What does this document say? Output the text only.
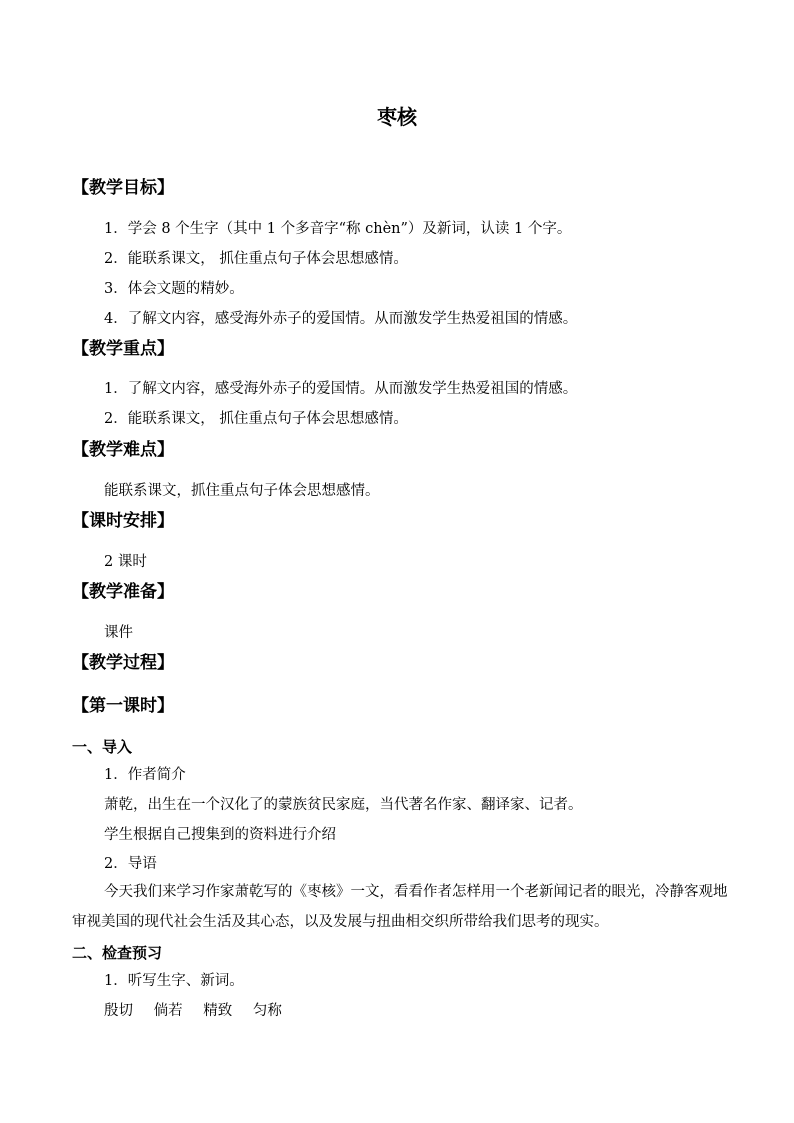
枣核
【教学目标】
1．学会 8 个生字（其中 1 个多音字“称 chèn”）及新词，认读 1 个字。
2．能联系课文， 抓住重点句子体会思想感情。
3．体会文题的精妙。
4．了解文内容，感受海外赤子的爱国情。从而激发学生热爱祖国的情感。
【教学重点】
1．了解文内容，感受海外赤子的爱国情。从而激发学生热爱祖国的情感。
2．能联系课文， 抓住重点句子体会思想感情。
【教学难点】
能联系课文，抓住重点句子体会思想感情。
【课时安排】
2 课时
【教学准备】
课件
【教学过程】
【第一课时】
一、导入
1．作者简介
萧乾，出生在一个汉化了的蒙族贫民家庭，当代著名作家、翻译家、记者。
学生根据自己搜集到的资料进行介绍
2．导语
今天我们来学习作家萧乾写的《枣核》一文，看看作者怎样用一个老新闻记者的眼光，冷静客观地审视美国的现代社会生活及其心态，以及发展与扭曲相交织所带给我们思考的现实。
二、检查预习
1．听写生字、新词。
殷切 倘若 精致 匀称
